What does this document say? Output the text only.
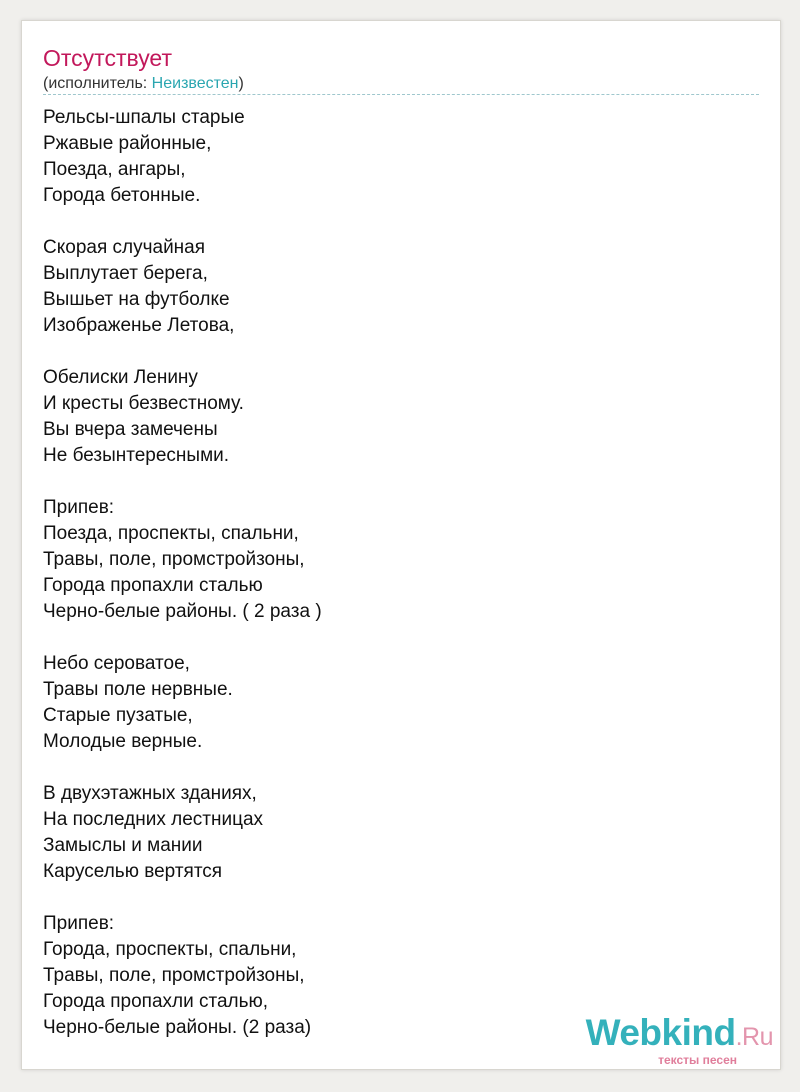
Отсутствует
(исполнитель: Неизвестен)
Рельсы-шпалы старые
Ржавые районные,
Поезда, ангары,
Города бетонные.
Скорая случайная
Выплутает берега,
Вышьет на футболке
Изображенье Летова,
Обелиски Ленину
И кресты безвестному.
Вы вчера замечены
Не безынтересными.
Припев:
Поезда, проспекты, спальни,
Травы, поле, промстройзоны,
Города пропахли сталью
Черно-белые районы. ( 2 раза )
Небо сероватое,
Травы поле нервные.
Старые пузатые,
Молодые верные.
В двухэтажных зданиях,
На последних лестницах
Замыслы и мании
Каруселью вертятся
Припев:
Города, проспекты, спальни,
Травы, поле, промстройзоны,
Города пропахли сталью,
Черно-белые районы. (2 раза)	Webkind.Ru
тексты песен
